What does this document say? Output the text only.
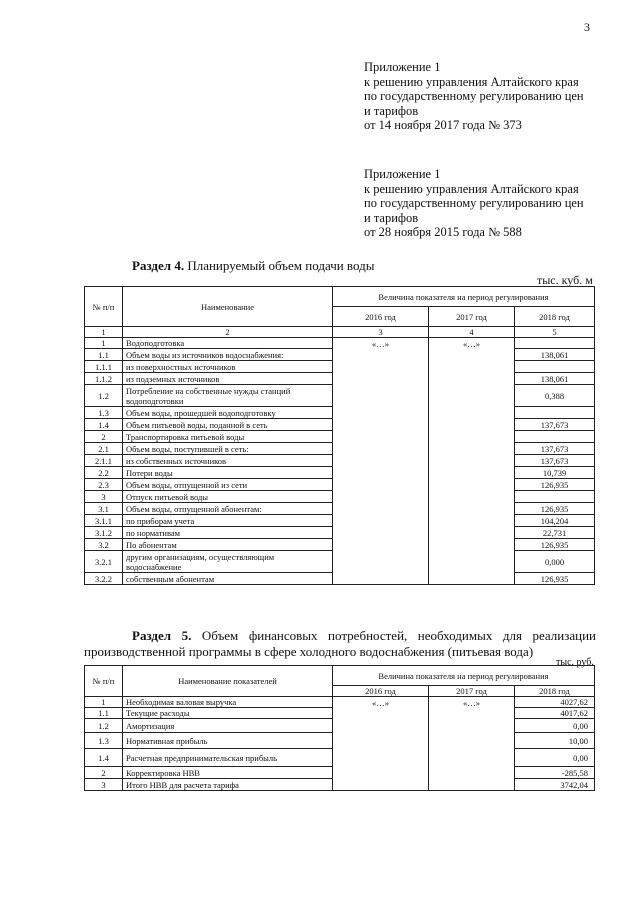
3
Приложение 1
к решению управления Алтайского края
по государственному регулированию цен
и тарифов
от 14 ноября 2017 года № 373
Приложение 1
к решению управления Алтайского края
по государственному регулированию цен
и тарифов
от 28 ноября 2015 года № 588
Раздел 4. Планируемый объем подачи воды
тыс. куб. м
№ п/п	Наименование	Величина показателя на период регулирования		
		2016 год	2017 год	2018 год
1	2	3	4	5
1	Водоподготовка	«…»	«…»	
1.1	Объем воды из источников водоснабжения:			138,061
1.1.1	из поверхностных источников			
1.1.2	из подземных источников			138,061
1.2	Потребление на собственные нужды станций водоподготовки			0,388
1.3	Объем воды, прошедшей водоподготовку			
1.4	Объем питьевой воды, поданной в сеть			137,673
2	Транспортировка питьевой воды			
2.1	Объем воды, поступившей в сеть:			137,673
2.1.1	из собственных источников			137,673
2.2	Потери воды			10,739
2.3	Объем воды, отпущенной из сети			126,935
3	Отпуск питьевой воды			
3.1	Объем воды, отпущенной абонентам:			126,935
3.1.1	по приборам учета			104,204
3.1.2	по нормативам			22,731
3.2	По абонентам			126,935
3.2.1	другим организациям, осуществляющим водоснабжение			0,000
3.2.2	собственным абонентам			126,935
Раздел 5. Объем финансовых потребностей, необходимых для реализации производственной программы в сфере холодного водоснабжения (питьевая вода)
тыс. руб.
№ п/п	Наименование показателей	Величина показателя на период регулирования		
		2016 год	2017 год	2018 год
1	Необходимая валовая выручка	«…»	«…»	4027,62
1.1	Текущие расходы			4017,62
1.2	Амортизация			0,00
1.3	Нормативная прибыль			10,00
1.4	Расчетная предпринимательская прибыль			0,00
2	Корректировка НВВ			-285,58
3	Итого НВВ для расчета тарифа			3742,04
